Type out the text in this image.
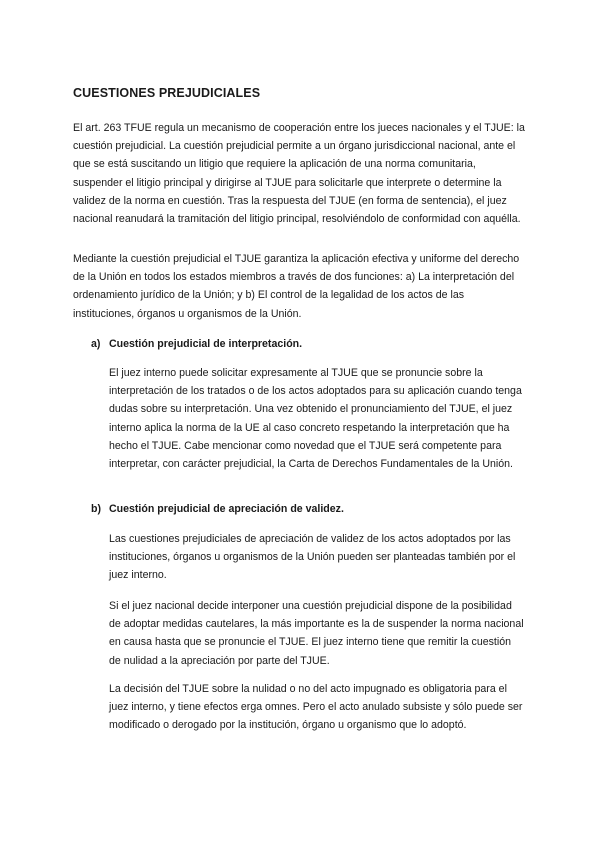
CUESTIONES PREJUDICIALES

El art. 263 TFUE regula un mecanismo de cooperación entre los jueces nacionales y el TJUE: la cuestión prejudicial. La cuestión prejudicial permite a un órgano jurisdiccional nacional, ante el que se está suscitando un litigio que requiere la aplicación de una norma comunitaria, suspender el litigio principal y dirigirse al TJUE para solicitarle que interprete o determine la validez de la norma en cuestión. Tras la respuesta del TJUE (en forma de sentencia), el juez nacional reanudará la tramitación del litigio principal, resolviéndolo de conformidad con aquélla.

Mediante la cuestión prejudicial el TJUE garantiza la aplicación efectiva y uniforme del derecho de la Unión en todos los estados miembros a través de dos funciones: a) La interpretación del ordenamiento jurídico de la Unión; y b) El control de la legalidad de los actos de las instituciones, órganos u organismos de la Unión.

a) Cuestión prejudicial de interpretación.

El juez interno puede solicitar expresamente al TJUE que se pronuncie sobre la interpretación de los tratados o de los actos adoptados para su aplicación cuando tenga dudas sobre su interpretación. Una vez obtenido el pronunciamiento del TJUE, el juez interno aplica la norma de la UE al caso concreto respetando la interpretación que ha hecho el TJUE. Cabe mencionar como novedad que el TJUE será competente para interpretar, con carácter prejudicial, la Carta de Derechos Fundamentales de la Unión.

b) Cuestión prejudicial de apreciación de validez.

Las cuestiones prejudiciales de apreciación de validez de los actos adoptados por las instituciones, órganos u organismos de la Unión pueden ser planteadas también por el juez interno.

Si el juez nacional decide interponer una cuestión prejudicial dispone de la posibilidad de adoptar medidas cautelares, la más importante es la de suspender la norma nacional en causa hasta que se pronuncie el TJUE. El juez interno tiene que remitir la cuestión de nulidad a la apreciación por parte del TJUE.

La decisión del TJUE sobre la nulidad o no del acto impugnado es obligatoria para el juez interno, y tiene efectos erga omnes. Pero el acto anulado subsiste y sólo puede ser modificado o derogado por la institución, órgano u organismo que lo adoptó.
